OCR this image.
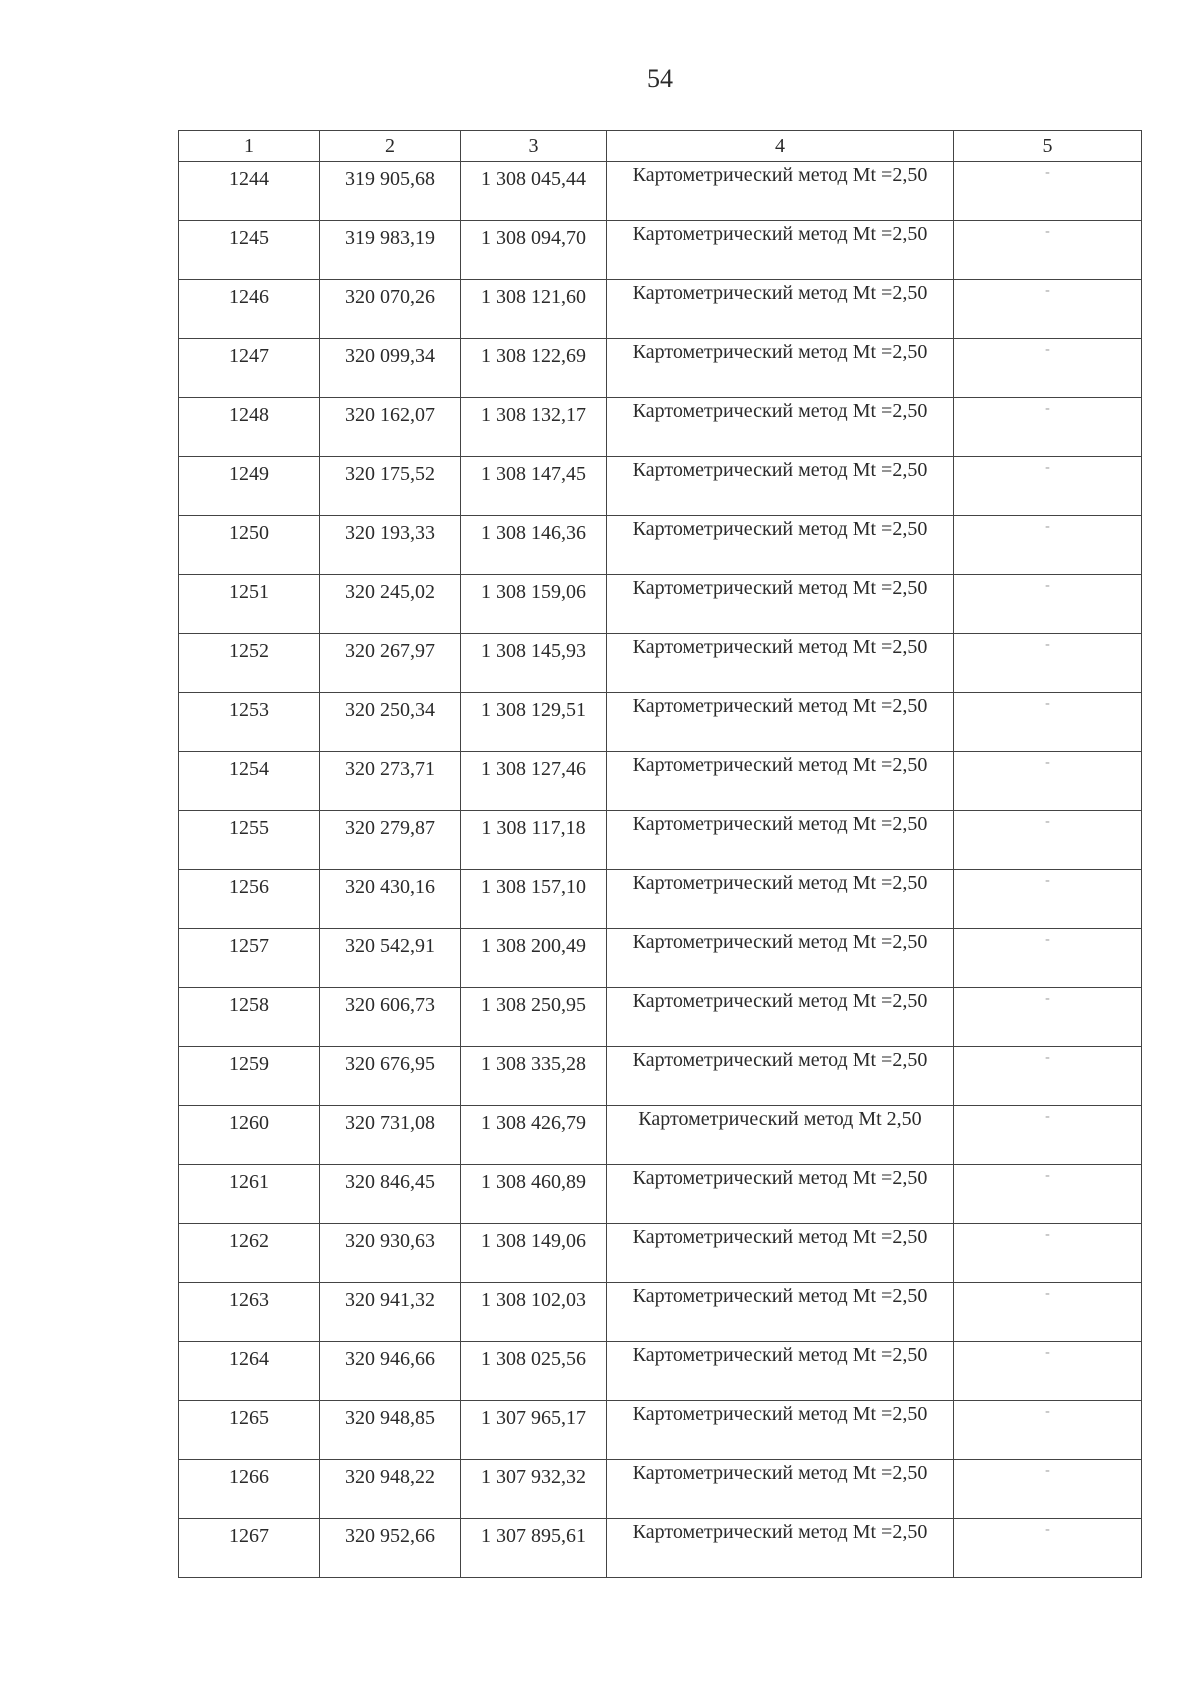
54
1	2	3	4	5
1244	319 905,68	1 308 045,44	Картометрический метод Mt =2,50	-
1245	319 983,19	1 308 094,70	Картометрический метод Mt =2,50	-
1246	320 070,26	1 308 121,60	Картометрический метод Mt =2,50	-
1247	320 099,34	1 308 122,69	Картометрический метод Mt =2,50	-
1248	320 162,07	1 308 132,17	Картометрический метод Mt =2,50	-
1249	320 175,52	1 308 147,45	Картометрический метод Mt =2,50	-
1250	320 193,33	1 308 146,36	Картометрический метод Mt =2,50	-
1251	320 245,02	1 308 159,06	Картометрический метод Mt =2,50	-
1252	320 267,97	1 308 145,93	Картометрический метод Mt =2,50	-
1253	320 250,34	1 308 129,51	Картометрический метод Mt =2,50	-
1254	320 273,71	1 308 127,46	Картометрический метод Mt =2,50	-
1255	320 279,87	1 308 117,18	Картометрический метод Mt =2,50	-
1256	320 430,16	1 308 157,10	Картометрический метод Mt =2,50	-
1257	320 542,91	1 308 200,49	Картометрический метод Mt =2,50	-
1258	320 606,73	1 308 250,95	Картометрический метод Mt =2,50	-
1259	320 676,95	1 308 335,28	Картометрический метод Mt =2,50	-
1260	320 731,08	1 308 426,79	Картометрический метод Mt 2,50	-
1261	320 846,45	1 308 460,89	Картометрический метод Mt =2,50	-
1262	320 930,63	1 308 149,06	Картометрический метод Mt =2,50	-
1263	320 941,32	1 308 102,03	Картометрический метод Mt =2,50	-
1264	320 946,66	1 308 025,56	Картометрический метод Mt =2,50	-
1265	320 948,85	1 307 965,17	Картометрический метод Mt =2,50	-
1266	320 948,22	1 307 932,32	Картометрический метод Mt =2,50	-
1267	320 952,66	1 307 895,61	Картометрический метод Mt =2,50	-
